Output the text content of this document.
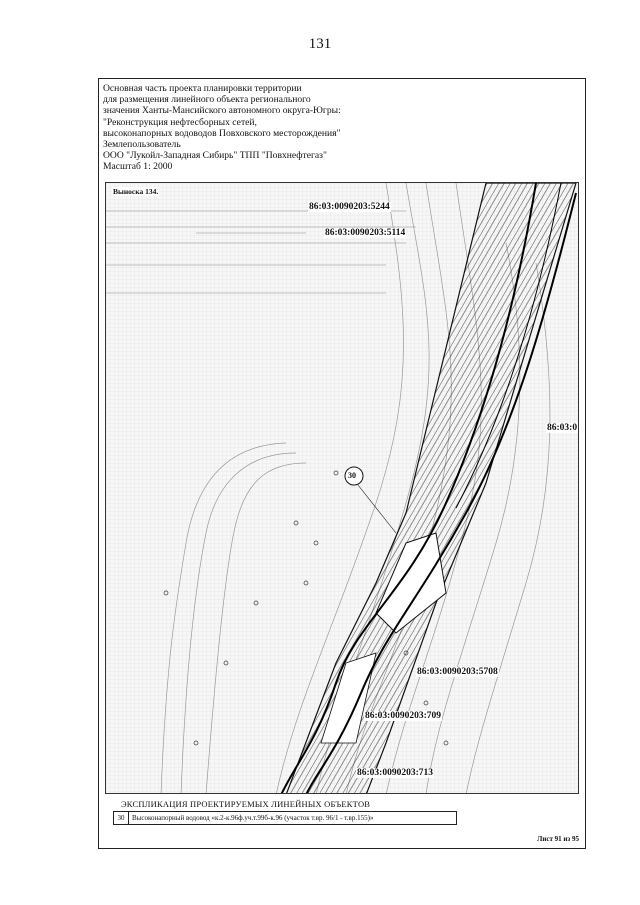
131
Основная часть проекта планировки территории
для размещения линейного объекта регионального
значения Ханты-Мансийского автономного округа-Югры:
"Реконструкция нефтесборных сетей,
высоконапорных водоводов Повховского месторождения"
Землепользователь
ООО "Лукойл-Западная Сибирь" ТПП "Повхнефтегаз"
Масштаб 1: 2000
Выноска 134.
30
86:03:0090203:5244
86:03:0090203:5114
86:03:0
86:03:0090203:5708
86:03:0090203:709
86:03:0090203:713
ЭКСПЛИКАЦИЯ ПРОЕКТИРУЕМЫХ ЛИНЕЙНЫХ ОБЪЕКТОВ
30	Высоконапорный водовод «к.2-к.96ф.уч.т.99б-к.96 (участок т.вр. 96/1 - т.вр.155)»
Лист 91 из 95
